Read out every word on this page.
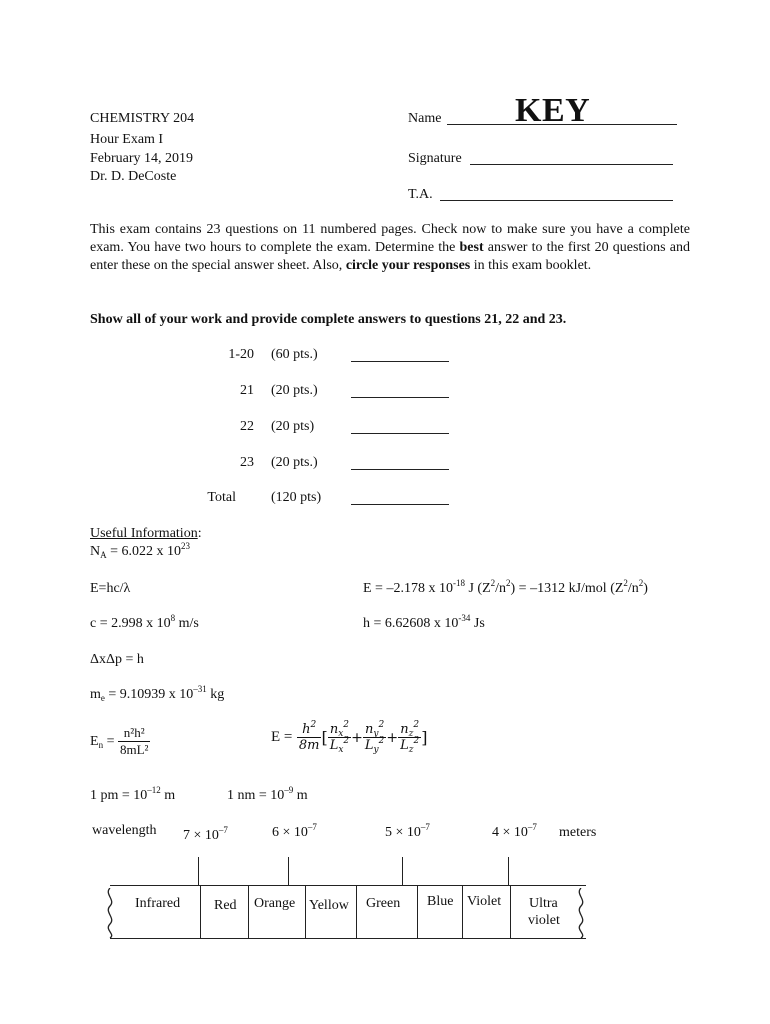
CHEMISTRY 204
Hour Exam I
February 14, 2019
Dr. D. DeCoste
Name KEY
Signature
T.A.
This exam contains 23 questions on 11 numbered pages. Check now to make sure you have a complete exam. You have two hours to complete the exam. Determine the best answer to the first 20 questions and enter these on the special answer sheet. Also, circle your responses in this exam booklet.
Show all of your work and provide complete answers to questions 21, 22 and 23.
1-20 (60 pts.)
21 (20 pts.)
22 (20 pts)
23 (20 pts.)
Total	(120 pts)
Useful Information:
$N_A = 6.022$ x $10^{23}$
E=hc/λ	E = –2.178 x $10^{-18}$ J $(Z^2/n^2) = -1312$ kJ/mol $(Z^2/n^2)$
c = 2.998 x $10^8$ m/s	h = 6.62608 x $10^{-34}$ Js
ΔxΔp = h
$m_e = 9.10939$ x $10^{-31}$ kg
$E_n = \frac{\text{n²h²}}{\text{8mL²}}$	$E = \frac{ℎ^2}{\text{8𝑚}}$ [ $\frac{𝑛_𝑥^2}{𝐿_𝑥^2} + \frac{𝑛_𝑦^2}{𝐿_𝑦^2} + \frac{𝑛_𝑧^2}{𝐿_𝑧^2}$ ]
1 pm = $10^{-12}$ m	1 nm = $10^{-9}$ m
wavelength $7 \times 10^{-7}$	$6 \times 10^{-7}$	$5 \times 10^{-7}$	$4 \times 10^{-7}$ meters
Infrared Red Orange Yellow Green Blue Violet Ultra
violet
